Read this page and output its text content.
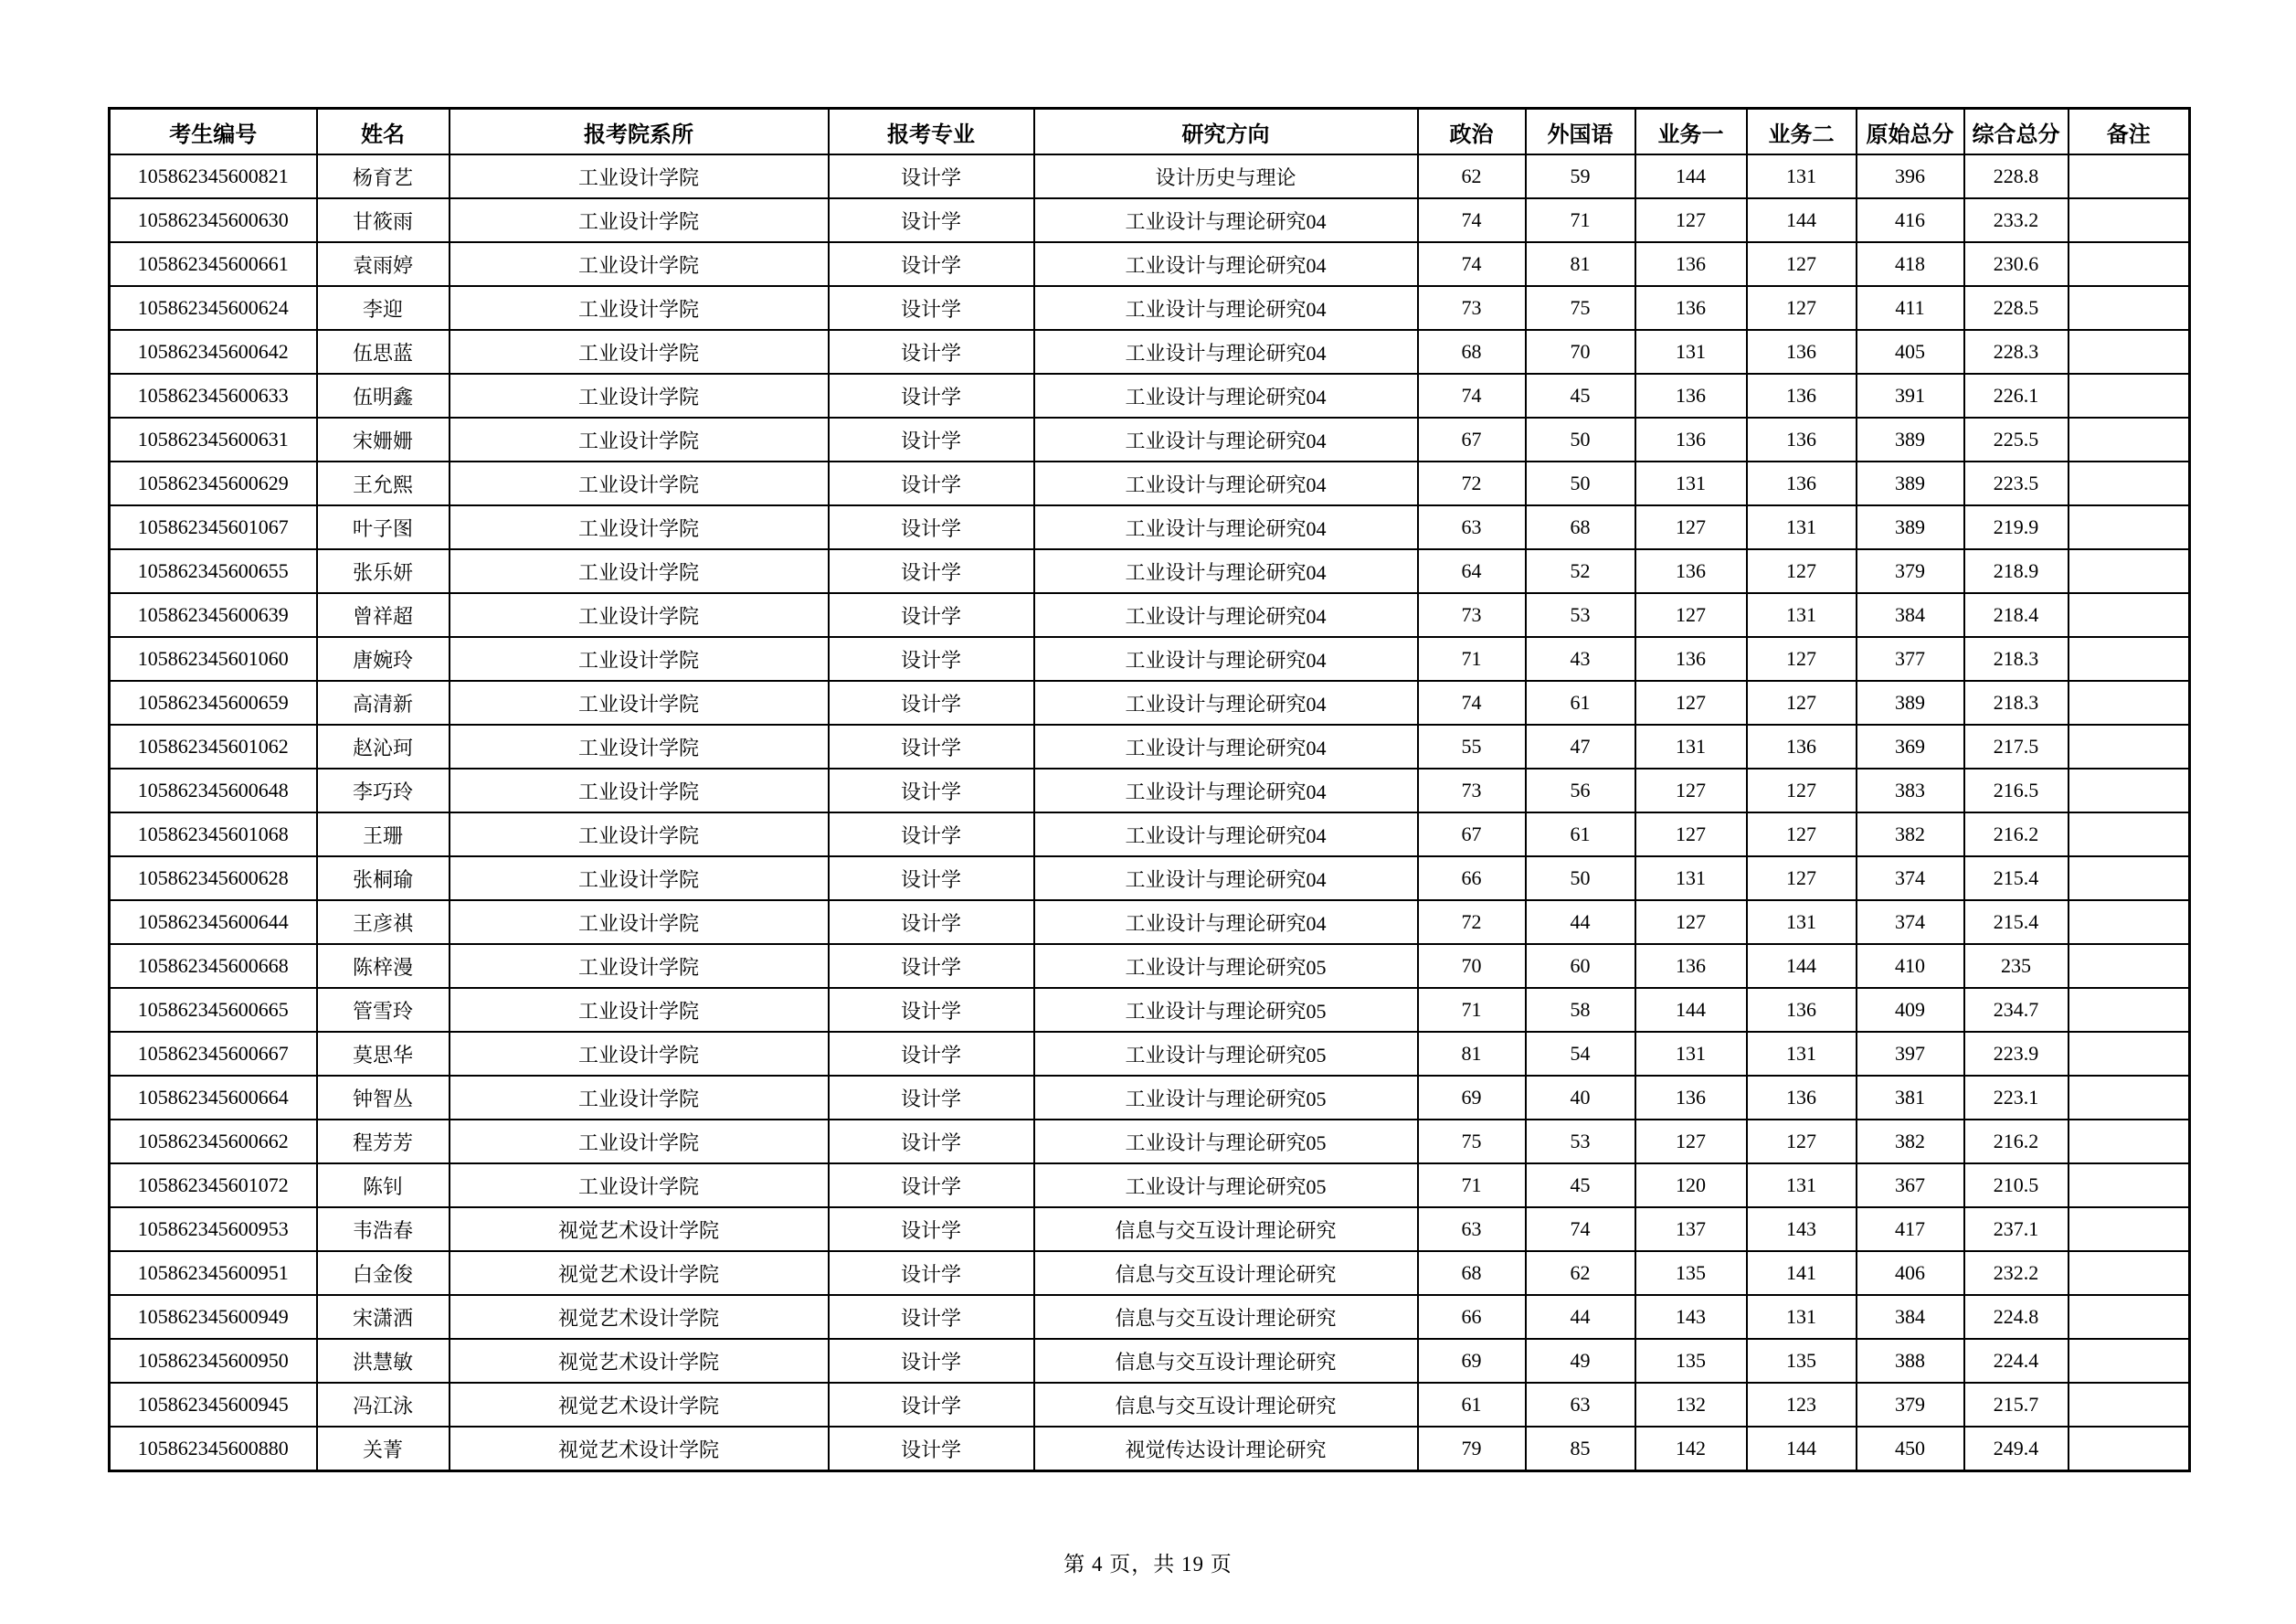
考生编号	姓名	报考院系所	报考专业	研究方向	政治	外国语	业务一	业务二	原始总分	综合总分	备注
105862345600821	杨育艺	工业设计学院	设计学	设计历史与理论	62	59	144	131	396	228.8	
105862345600630	甘筱雨	工业设计学院	设计学	工业设计与理论研究04	74	71	127	144	416	233.2	
105862345600661	袁雨婷	工业设计学院	设计学	工业设计与理论研究04	74	81	136	127	418	230.6	
105862345600624	李迎	工业设计学院	设计学	工业设计与理论研究04	73	75	136	127	411	228.5	
105862345600642	伍思蓝	工业设计学院	设计学	工业设计与理论研究04	68	70	131	136	405	228.3	
105862345600633	伍明鑫	工业设计学院	设计学	工业设计与理论研究04	74	45	136	136	391	226.1	
105862345600631	宋姗姗	工业设计学院	设计学	工业设计与理论研究04	67	50	136	136	389	225.5	
105862345600629	王允熙	工业设计学院	设计学	工业设计与理论研究04	72	50	131	136	389	223.5	
105862345601067	叶子图	工业设计学院	设计学	工业设计与理论研究04	63	68	127	131	389	219.9	
105862345600655	张乐妍	工业设计学院	设计学	工业设计与理论研究04	64	52	136	127	379	218.9	
105862345600639	曾祥超	工业设计学院	设计学	工业设计与理论研究04	73	53	127	131	384	218.4	
105862345601060	唐婉玲	工业设计学院	设计学	工业设计与理论研究04	71	43	136	127	377	218.3	
105862345600659	高清新	工业设计学院	设计学	工业设计与理论研究04	74	61	127	127	389	218.3	
105862345601062	赵沁珂	工业设计学院	设计学	工业设计与理论研究04	55	47	131	136	369	217.5	
105862345600648	李巧玲	工业设计学院	设计学	工业设计与理论研究04	73	56	127	127	383	216.5	
105862345601068	王珊	工业设计学院	设计学	工业设计与理论研究04	67	61	127	127	382	216.2	
105862345600628	张桐瑜	工业设计学院	设计学	工业设计与理论研究04	66	50	131	127	374	215.4	
105862345600644	王彦祺	工业设计学院	设计学	工业设计与理论研究04	72	44	127	131	374	215.4	
105862345600668	陈梓漫	工业设计学院	设计学	工业设计与理论研究05	70	60	136	144	410	235	
105862345600665	管雪玲	工业设计学院	设计学	工业设计与理论研究05	71	58	144	136	409	234.7	
105862345600667	莫思华	工业设计学院	设计学	工业设计与理论研究05	81	54	131	131	397	223.9	
105862345600664	钟智丛	工业设计学院	设计学	工业设计与理论研究05	69	40	136	136	381	223.1	
105862345600662	程芳芳	工业设计学院	设计学	工业设计与理论研究05	75	53	127	127	382	216.2	
105862345601072	陈钊	工业设计学院	设计学	工业设计与理论研究05	71	45	120	131	367	210.5	
105862345600953	韦浩春	视觉艺术设计学院	设计学	信息与交互设计理论研究	63	74	137	143	417	237.1	
105862345600951	白金俊	视觉艺术设计学院	设计学	信息与交互设计理论研究	68	62	135	141	406	232.2	
105862345600949	宋潇洒	视觉艺术设计学院	设计学	信息与交互设计理论研究	66	44	143	131	384	224.8	
105862345600950	洪慧敏	视觉艺术设计学院	设计学	信息与交互设计理论研究	69	49	135	135	388	224.4	
105862345600945	冯江泳	视觉艺术设计学院	设计学	信息与交互设计理论研究	61	63	132	123	379	215.7	
105862345600880	关菁	视觉艺术设计学院	设计学	视觉传达设计理论研究	79	85	142	144	450	249.4	
第 4 页，共 19 页
